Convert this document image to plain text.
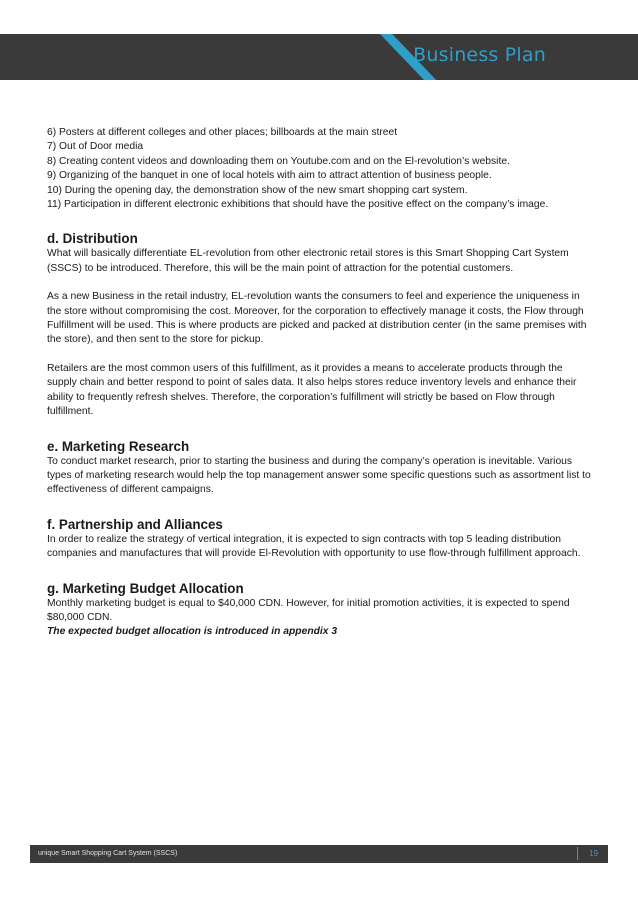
Business Plan
6) Posters at different colleges and other places; billboards at the main street
7) Out of Door media
8) Creating content videos and downloading them on Youtube.com and on the El-revolution’s website.
9) Organizing of the banquet in one of local hotels with aim to attract attention of business people.
10) During the opening day, the demonstration show of the new smart shopping cart system.
11) Participation in different electronic exhibitions that should have the positive effect on the company’s image.
d. Distribution

What will basically differentiate EL-revolution from other electronic retail stores is this Smart Shopping Cart System (SSCS) to be introduced. Therefore, this will be the main point of attraction for the potential customers.

As a new Business in the retail industry, EL-revolution wants the consumers to feel and experience the uniqueness in the store without compromising the cost. Moreover, for the corporation to effectively manage it costs, the Flow through Fulfillment will be used. This is where products are picked and packed at distribution center (in the same premises with the store), and then sent to the store for pickup.

Retailers are the most common users of this fulfillment, as it provides a means to accelerate products through the supply chain and better respond to point of sales data. It also helps stores reduce inventory levels and enhance their ability to frequently refresh shelves. Therefore, the corporation’s fulfillment will strictly be based on Flow through fulfillment.

e. Marketing Research

To conduct market research, prior to starting the business and during the company’s operation is inevitable. Various types of marketing research would help the top management answer some specific questions such as assortment list to effectiveness of different campaigns.

f. Partnership and Alliances

In order to realize the strategy of vertical integration, it is expected to sign contracts with top 5 leading distribution companies and manufactures that will provide El-Revolution with opportunity to use flow-through fulfillment approach.

g. Marketing Budget Allocation

Monthly marketing budget is equal to $40,000 CDN. However, for initial promotion activities, it is expected to spend $80,000 CDN.

The expected budget allocation is introduced in appendix 3

unique Smart Shopping Cart System (SSCS)	19
